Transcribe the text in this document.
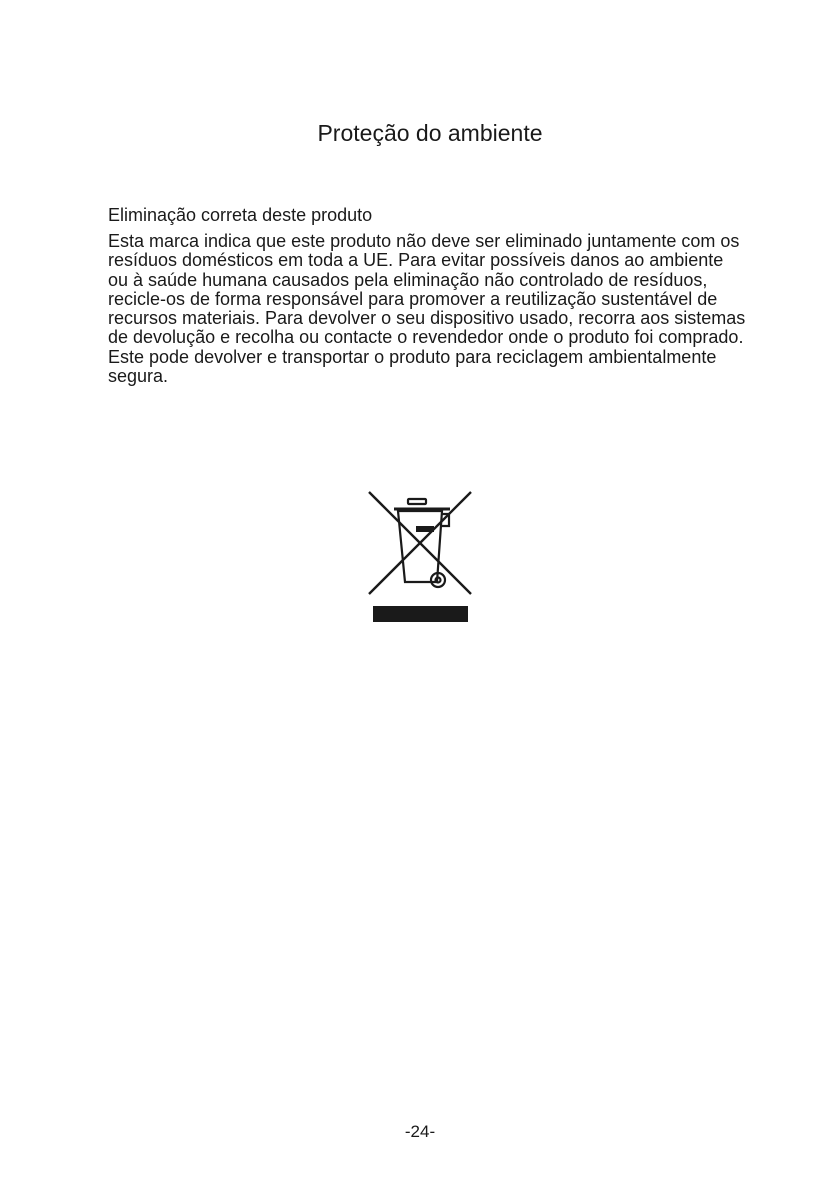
Proteção do ambiente
Eliminação correta deste produto

Esta marca indica que este produto não deve ser eliminado juntamente com os resíduos domésticos em toda a UE. Para evitar possíveis danos ao ambiente ou à saúde humana causados pela eliminação não controlado de resíduos, recicle-os de forma responsável para promover a reutilização sustentável de recursos materiais. Para devolver o seu dispositivo usado, recorra aos sistemas de devolução e recolha ou contacte o revendedor onde o produto foi comprado.

Este pode devolver e transportar o produto para reciclagem ambientalmente segura.

-24-
